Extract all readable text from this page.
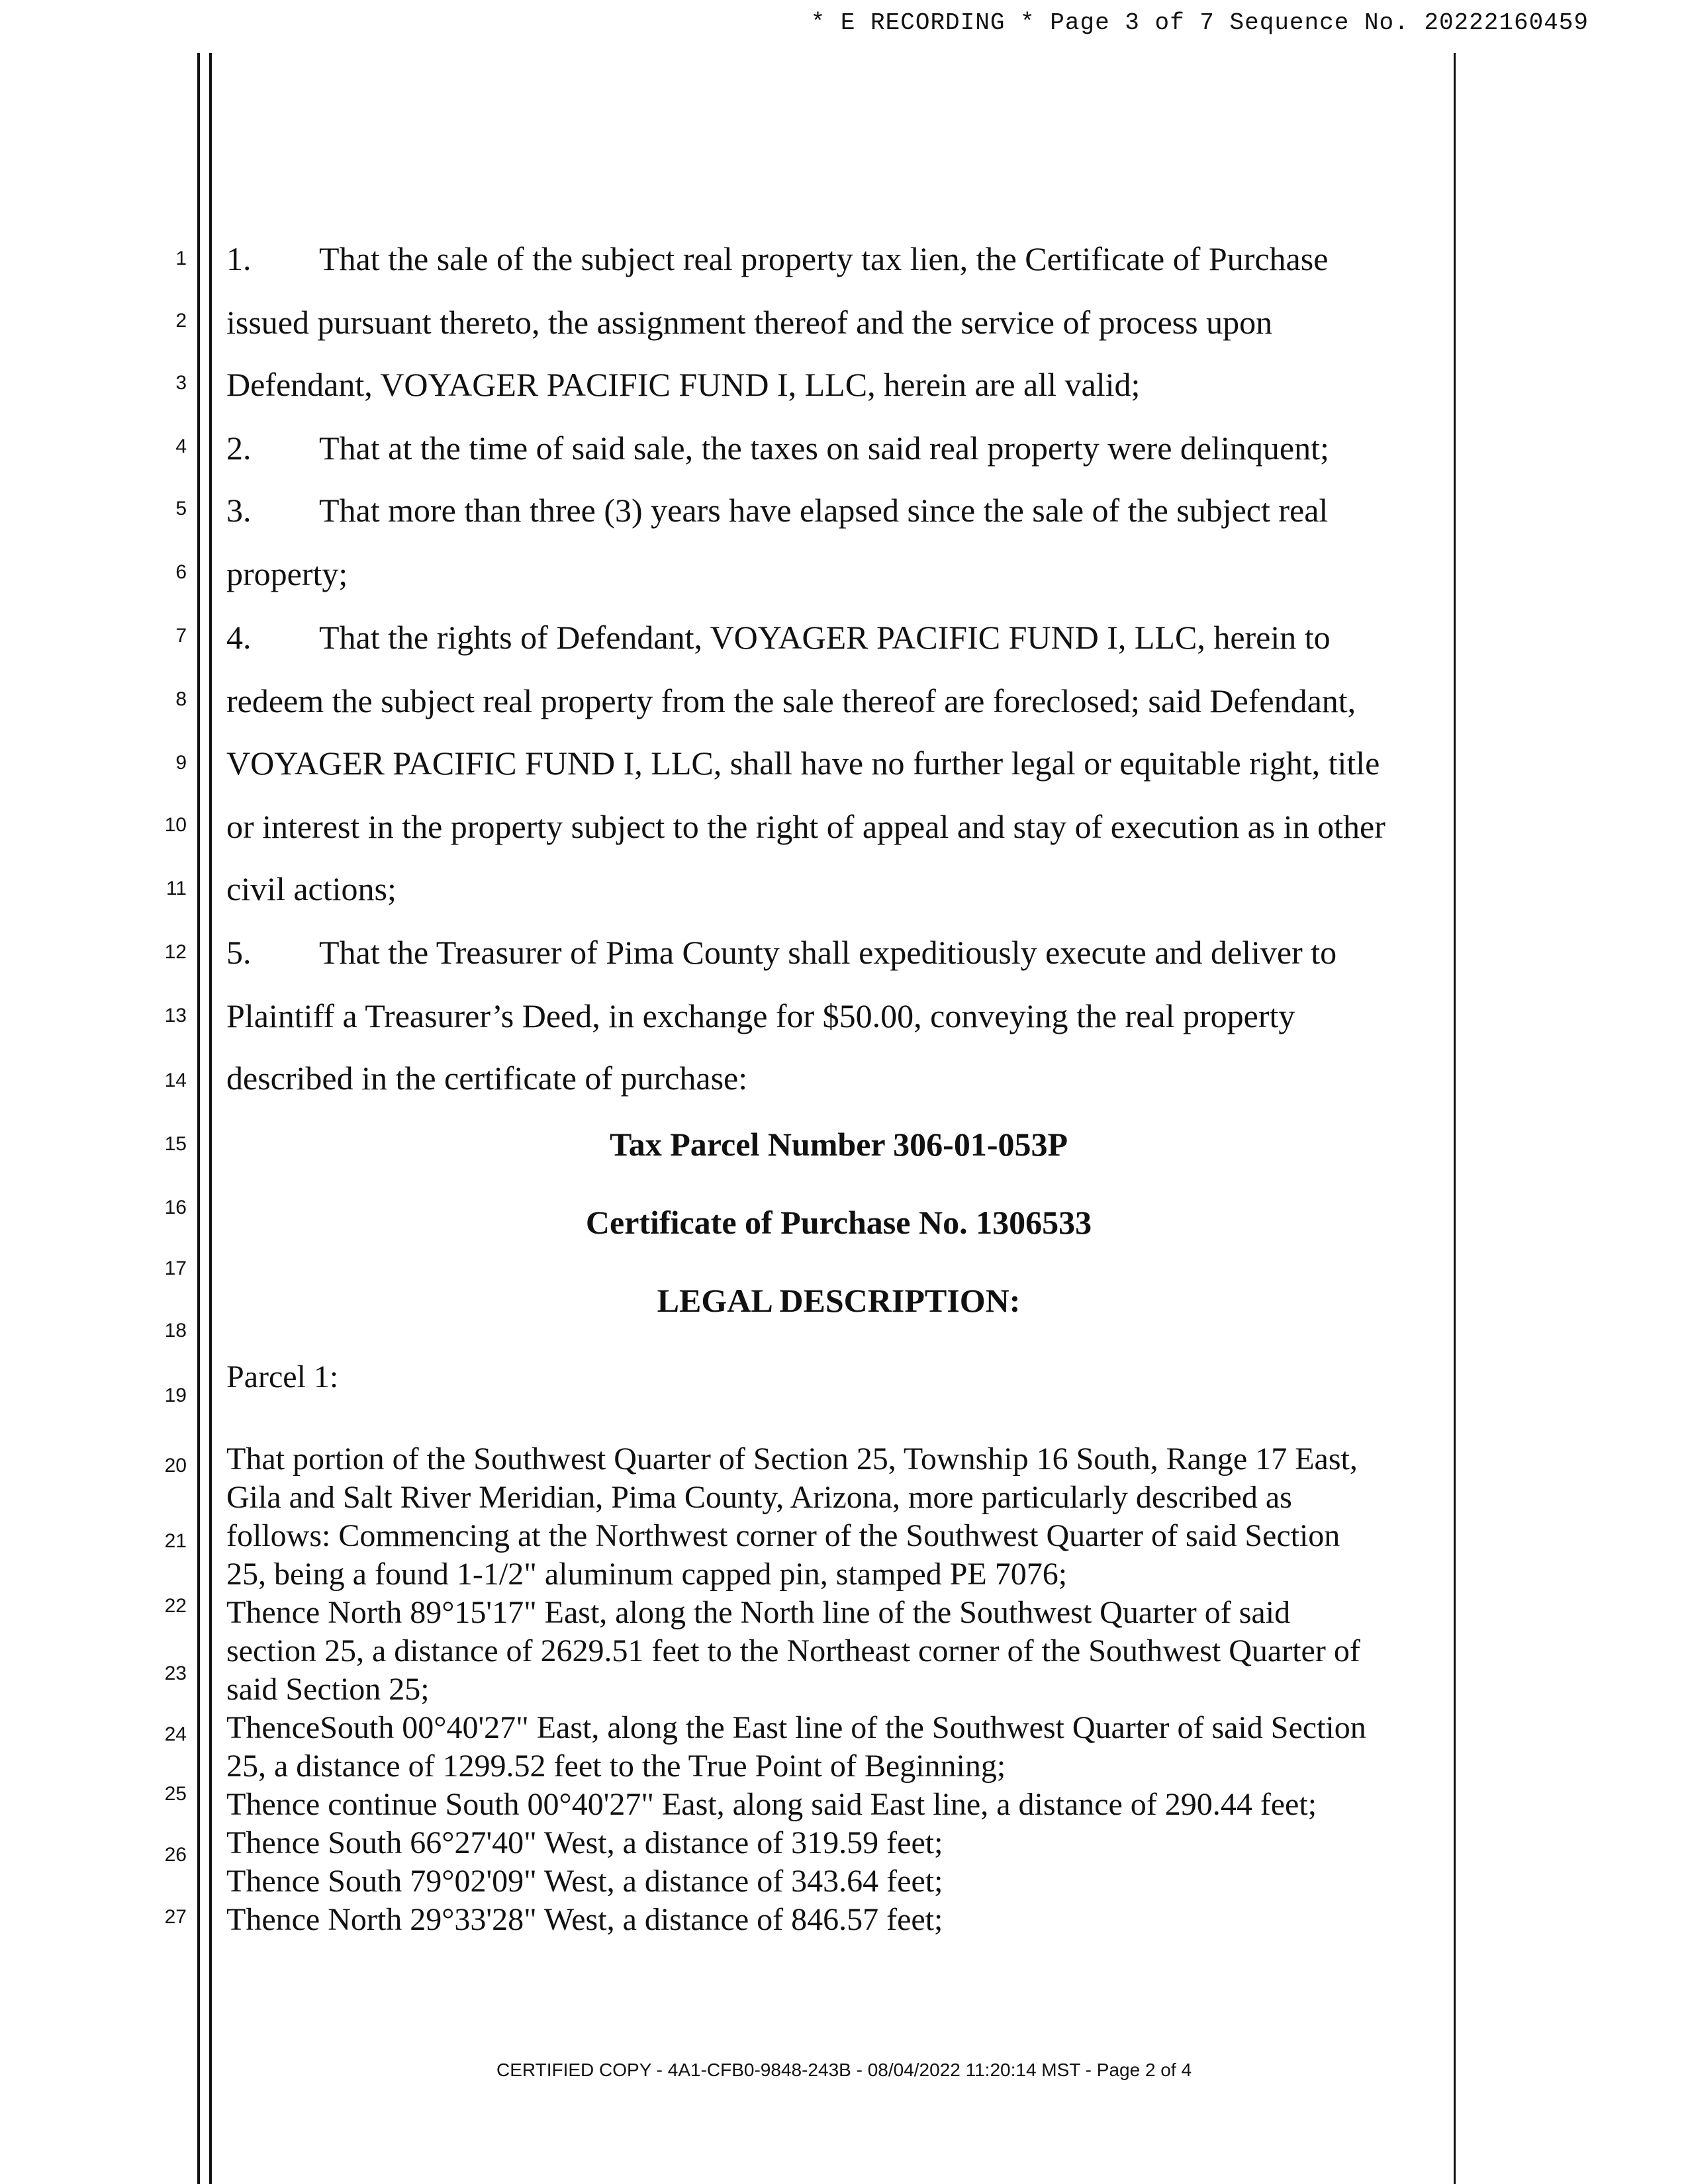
* E RECORDING * Page 3 of 7 Sequence No. 20222160459
1
2
3
4
5
6
7
8
9
10
11
12
13
14
15
16
17
18
19
20
21
22
23
24
25
26
27
1. That the sale of the subject real property tax lien, the Certificate of Purchase
issued pursuant thereto, the assignment thereof and the service of process upon
Defendant, VOYAGER PACIFIC FUND I, LLC, herein are all valid;
2. That at the time of said sale, the taxes on said real property were delinquent;
3. That more than three (3) years have elapsed since the sale of the subject real
property;
4. That the rights of Defendant, VOYAGER PACIFIC FUND I, LLC, herein to
redeem the subject real property from the sale thereof are foreclosed; said Defendant,
VOYAGER PACIFIC FUND I, LLC, shall have no further legal or equitable right, title
or interest in the property subject to the right of appeal and stay of execution as in other
civil actions;
5. That the Treasurer of Pima County shall expeditiously execute and deliver to
Plaintiff a Treasurer’s Deed, in exchange for $50.00, conveying the real property
described in the certificate of purchase:
Tax Parcel Number 306-01-053P
Certificate of Purchase No. 1306533
LEGAL DESCRIPTION:
Parcel 1:
That portion of the Southwest Quarter of Section 25, Township 16 South, Range 17 East,
Gila and Salt River Meridian, Pima County, Arizona, more particularly described as
follows: Commencing at the Northwest corner of the Southwest Quarter of said Section
25, being a found 1-1/2" aluminum capped pin, stamped PE 7076;
Thence North 89°15'17" East, along the North line of the Southwest Quarter of said
section 25, a distance of 2629.51 feet to the Northeast corner of the Southwest Quarter of
said Section 25;
ThenceSouth 00°40'27" East, along the East line of the Southwest Quarter of said Section
25, a distance of 1299.52 feet to the True Point of Beginning;
Thence continue South 00°40'27" East, along said East line, a distance of 290.44 feet;
Thence South 66°27'40" West, a distance of 319.59 feet;
Thence South 79°02'09" West, a distance of 343.64 feet;
Thence North 29°33'28" West, a distance of 846.57 feet;
CERTIFIED COPY - 4A1-CFB0-9848-243B - 08/04/2022 11:20:14 MST - Page 2 of 4
